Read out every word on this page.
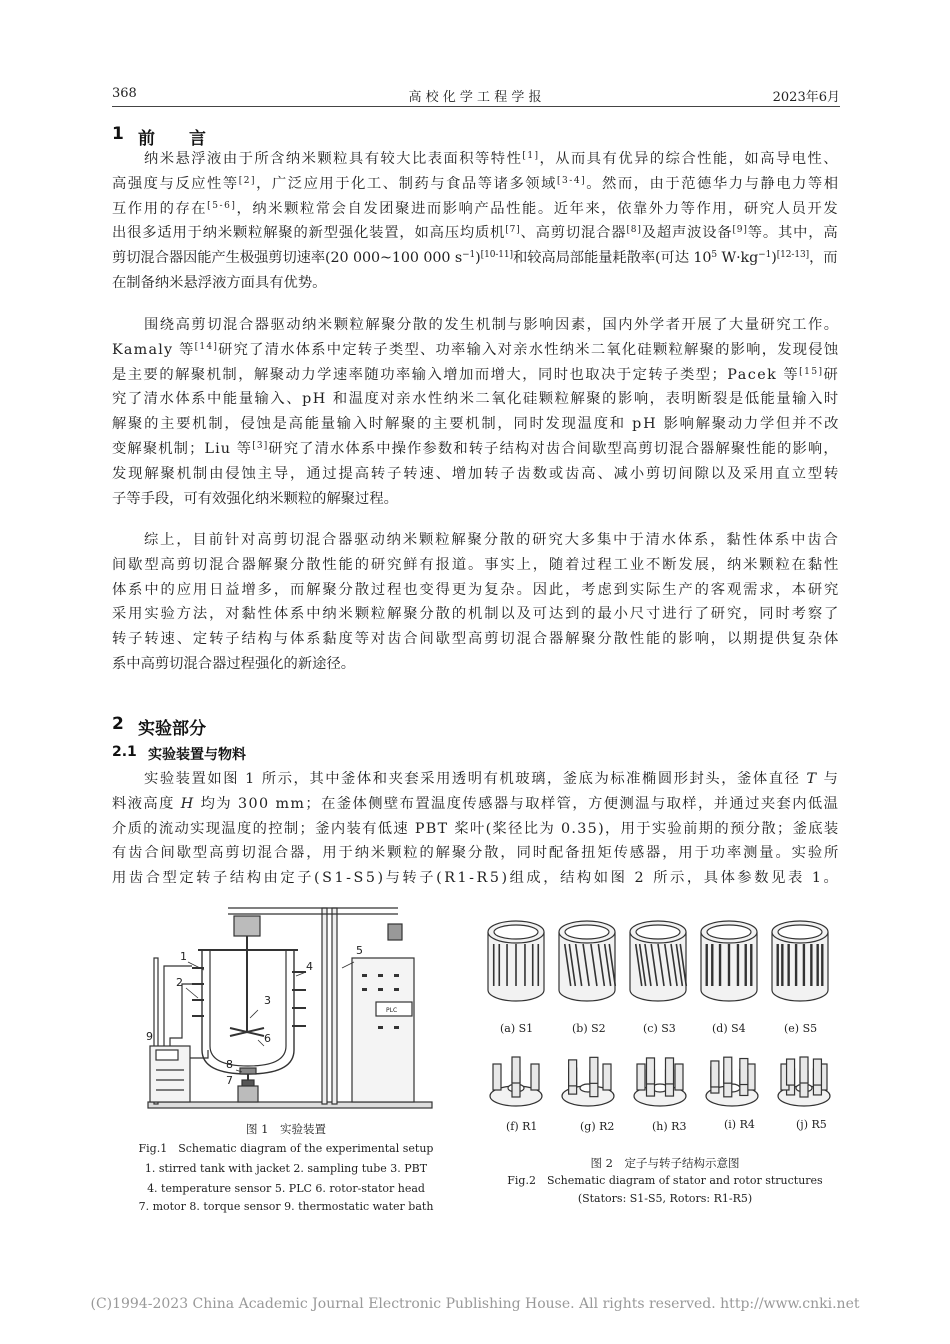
368	高 校 化 学 工 程 学 报	2023年6月
1 前　　言
纳米悬浮液由于所含纳米颗粒具有较大比表面积等特性[1]，从而具有优异的综合性能，如高导电性、
高强度与反应性等[2]，广泛应用于化工、制药与食品等诸多领域[3-4]。然而，由于范德华力与静电力等相
互作用的存在[5-6]，纳米颗粒常会自发团聚进而影响产品性能。近年来，依靠外力等作用，研究人员开发
出很多适用于纳米颗粒解聚的新型强化装置，如高压均质机[7]、高剪切混合器[8]及超声波设备[9]等。其中，高
剪切混合器因能产生极强剪切速率(20 000~100 000 $s^{-1})[10-11]$和较高局部能量耗散率(可达 $10^5$ $W\cdot kg^{-1})[12-13]$，而
在制备纳米悬浮液方面具有优势。
围绕高剪切混合器驱动纳米颗粒解聚分散的发生机制与影响因素，国内外学者开展了大量研究工作。
Kamaly 等[14]研究了清水体系中定转子类型、功率输入对亲水性纳米二氧化硅颗粒解聚的影响，发现侵蚀
是主要的解聚机制，解聚动力学速率随功率输入增加而增大，同时也取决于定转子类型；Pacek 等[15]研
究了清水体系中能量输入、pH 和温度对亲水性纳米二氧化硅颗粒解聚的影响，表明断裂是低能量输入时
解聚的主要机制，侵蚀是高能量输入时解聚的主要机制，同时发现温度和 pH 影响解聚动力学但并不改
变解聚机制；Liu 等[3]研究了清水体系中操作参数和转子结构对齿合间歇型高剪切混合器解聚性能的影响，
发现解聚机制由侵蚀主导，通过提高转子转速、增加转子齿数或齿高、减小剪切间隙以及采用直立型转
子等手段，可有效强化纳米颗粒的解聚过程。
综上，目前针对高剪切混合器驱动纳米颗粒解聚分散的研究大多集中于清水体系，黏性体系中齿合
间歇型高剪切混合器解聚分散性能的研究鲜有报道。事实上，随着过程工业不断发展，纳米颗粒在黏性
体系中的应用日益增多，而解聚分散过程也变得更为复杂。因此，考虑到实际生产的客观需求，本研究
采用实验方法，对黏性体系中纳米颗粒解聚分散的机制以及可达到的最小尺寸进行了研究，同时考察了
转子转速、定转子结构与体系黏度等对齿合间歇型高剪切混合器解聚分散性能的影响，以期提供复杂体
系中高剪切混合器过程强化的新途径。
2 实验部分
2.1 实验装置与物料
实验装置如图 1 所示，其中釜体和夹套采用透明有机玻璃，釜底为标准椭圆形封头，釜体直径 T 与
料液高度 H 均为 300 mm；在釜体侧壁布置温度传感器与取样管，方便测温与取样，并通过夹套内低温
介质的流动实现温度的控制；釜内装有低速 PBT 桨叶(桨径比为 0.35)，用于实验前期的预分散；釜底装
有齿合间歇型高剪切混合器，用于纳米颗粒的解聚分散，同时配备扭矩传感器，用于功率测量。实验所
用齿合型定转子结构由定子(S1-S5)与转子(R1-R5)组成，结构如图 2 所示，具体参数见表 1。
1
2
3
4
5
6
7
8
9
PLC
图 1　实验装置
Fig.1　Schematic diagram of the experimental setup
1. stirred tank with jacket 2. sampling tube 3. PBT
4. temperature sensor 5. PLC 6. rotor-stator head
7. motor 8. torque sensor 9. thermostatic water bath
(a) S1	(b) S2	(c) S3	(d) S4	(e) S5
(f) R1	(g) R2	(h) R3	(i) R4	(j) R5
图 2　定子与转子结构示意图
Fig.2　Schematic diagram of stator and rotor structures
(Stators: S1-S5, Rotors: R1-R5)
(C)1994-2023 China Academic Journal Electronic Publishing House. All rights reserved. http://www.cnki.net
